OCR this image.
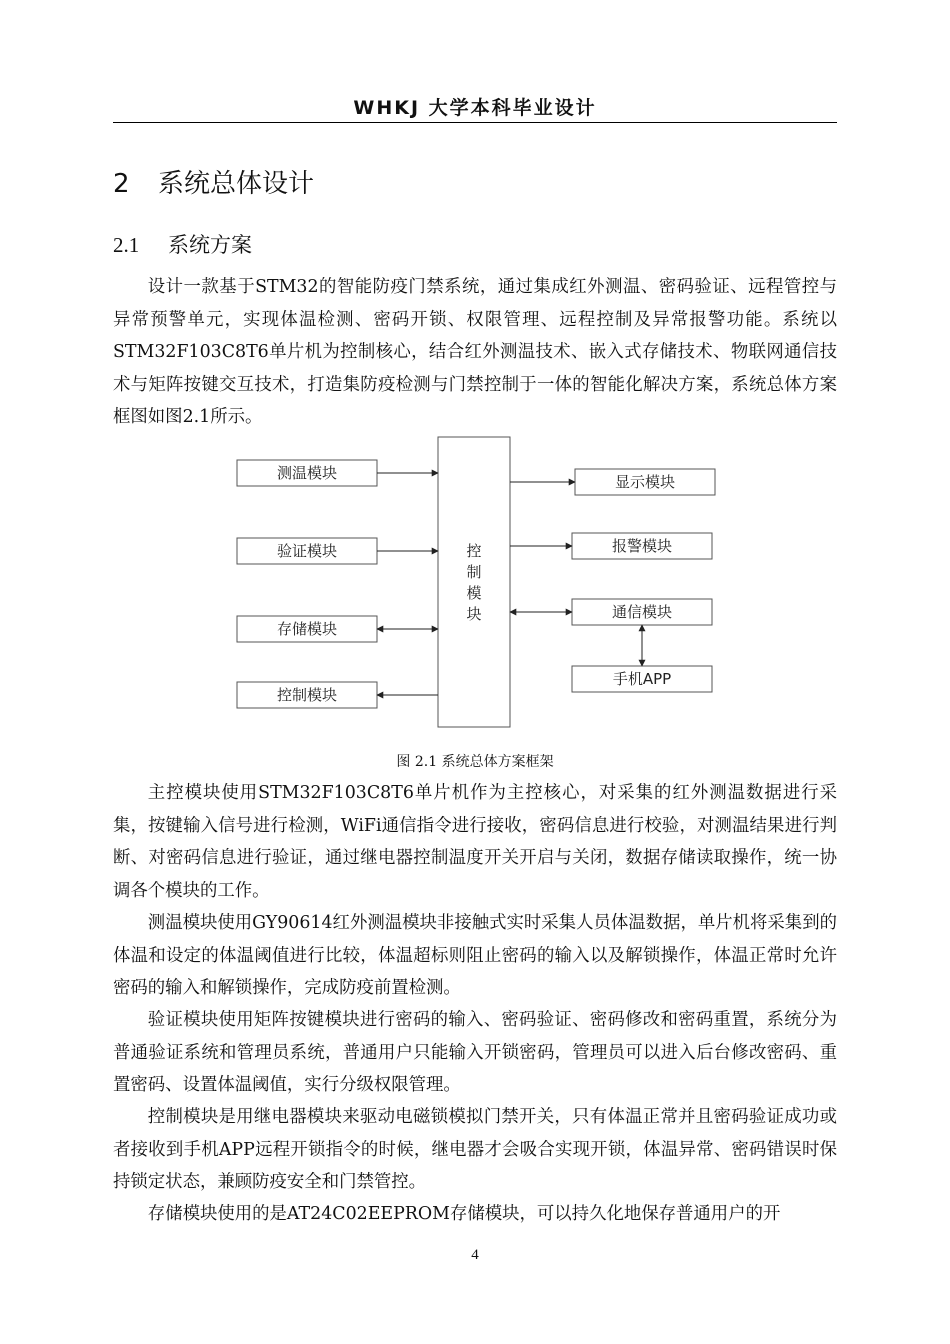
WHKJ 大学本科毕业设计
2 系统总体设计
2.1 系统方案

设计一款基于STM32的智能防疫门禁系统，通过集成红外测温、密码验证、远程管控与异常预警单元，实现体温检测、密码开锁、权限管理、远程控制及异常报警功能。系统以STM32F103C8T6单片机为控制核心，结合红外测温技术、嵌入式存储技术、物联网通信技术与矩阵按键交互技术，打造集防疫检测与门禁控制于一体的智能化解决方案，系统总体方案框图如图2.1所示。

测温模块
验证模块
存储模块
控制模块
控
制
模
块
显示模块
报警模块
通信模块
手机APP
图 2.1 系统总体方案框架

主控模块使用STM32F103C8T6单片机作为主控核心，对采集的红外测温数据进行采集，按键输入信号进行检测，WiFi通信指令进行接收，密码信息进行校验，对测温结果进行判断、对密码信息进行验证，通过继电器控制温度开关开启与关闭，数据存储读取操作，统一协调各个模块的工作。

测温模块使用GY90614红外测温模块非接触式实时采集人员体温数据，单片机将采集到的体温和设定的体温阈值进行比较，体温超标则阻止密码的输入以及解锁操作，体温正常时允许密码的输入和解锁操作，完成防疫前置检测。

验证模块使用矩阵按键模块进行密码的输入、密码验证、密码修改和密码重置，系统分为普通验证系统和管理员系统，普通用户只能输入开锁密码，管理员可以进入后台修改密码、重置密码、设置体温阈值，实行分级权限管理。

控制模块是用继电器模块来驱动电磁锁模拟门禁开关，只有体温正常并且密码验证成功或者接收到手机APP远程开锁指令的时候，继电器才会吸合实现开锁，体温异常、密码错误时保持锁定状态，兼顾防疫安全和门禁管控。

存储模块使用的是AT24C02EEPROM存储模块，可以持久化地保存普通用户的开

4
